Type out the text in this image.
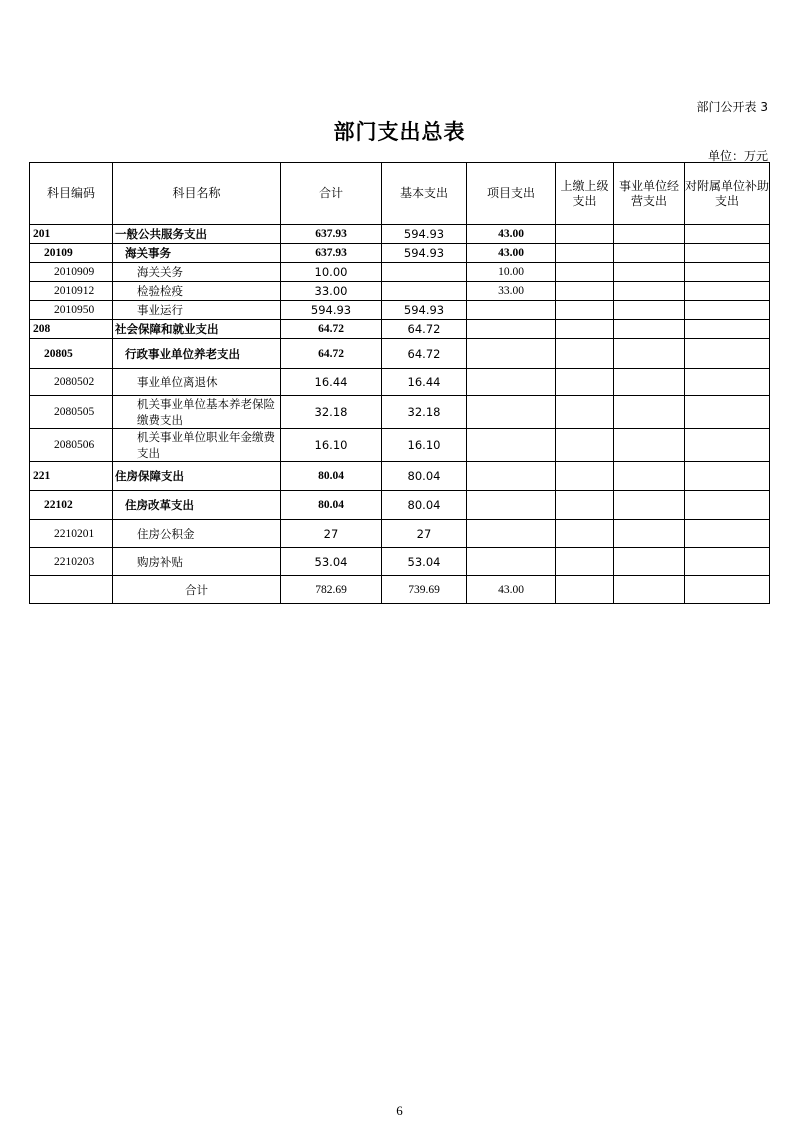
部门公开表 3
部门支出总表
单位：万元
科目编码	科目名称	合计	基本支出	项目支出	上缴上级支出	事业单位经营支出	对附属单位补助支出
201	一般公共服务支出	637.93	594.93	43.00			
20109	海关事务	637.93	594.93	43.00			
2010909	海关关务	10.00		10.00			
2010912	检验检疫	33.00		33.00			
2010950	事业运行	594.93	594.93				
208	社会保障和就业支出	64.72	64.72				
20805	行政事业单位养老支出	64.72	64.72				
2080502	事业单位离退休	16.44	16.44				
2080505	机关事业单位基本养老保险缴费支出	32.18	32.18				
2080506	机关事业单位职业年金缴费支出	16.10	16.10				
221	住房保障支出	80.04	80.04				
22102	住房改革支出	80.04	80.04				
2210201	住房公积金	27	27				
2210203	购房补贴	53.04	53.04				
	合计	782.69	739.69	43.00			
6
